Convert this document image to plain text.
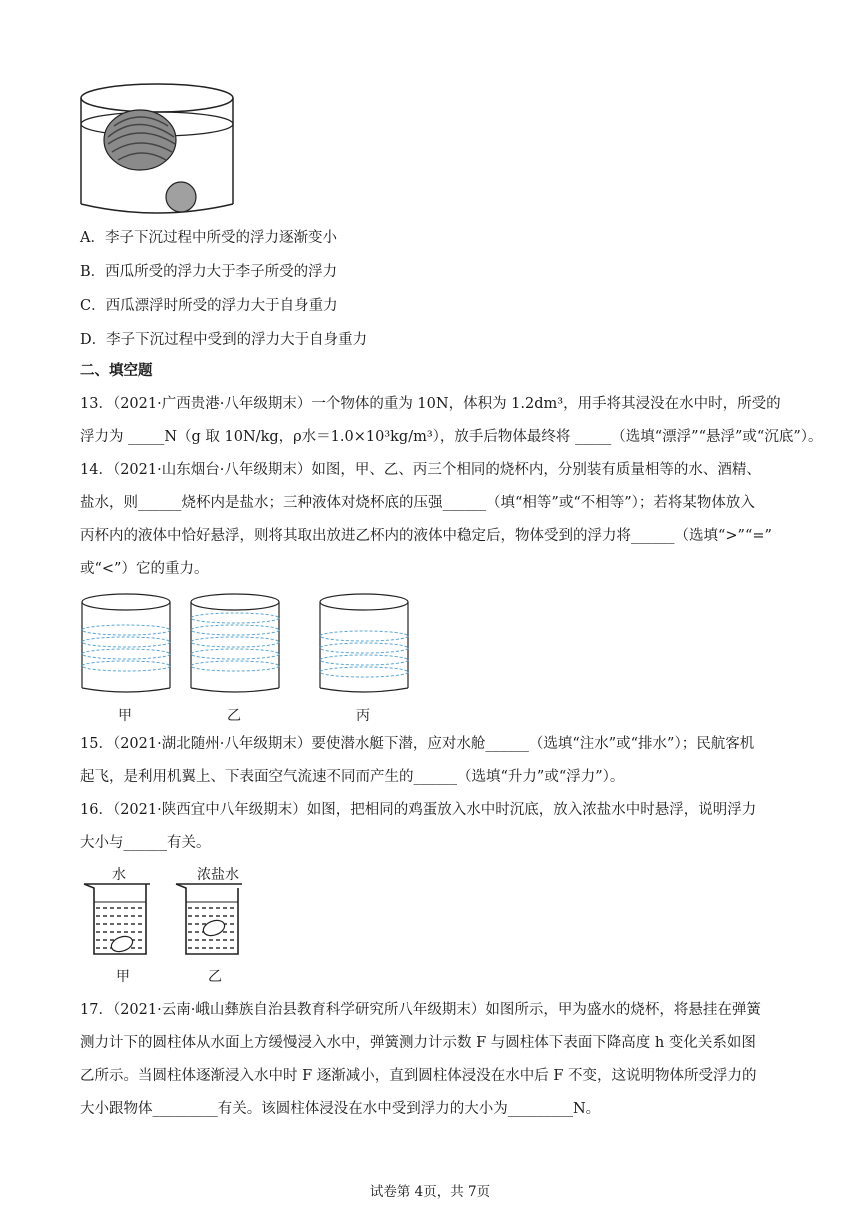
A．李子下沉过程中所受的浮力逐渐变小
B．西瓜所受的浮力大于李子所受的浮力
C．西瓜漂浮时所受的浮力大于自身重力
D．李子下沉过程中受到的浮力大于自身重力
二、填空题
13．（2021·广西贵港·八年级期末）一个物体的重为 10N，体积为 1.2dm³，用手将其浸没在水中时，所受的
浮力为 _____N（g 取 10N/kg，ρ水＝1.0×10³kg/m³），放手后物体最终将 _____（选填“漂浮”“悬浮”或“沉底”）。
14．（2021·山东烟台·八年级期末）如图，甲、乙、丙三个相同的烧杯内，分别装有质量相等的水、酒精、
盐水，则______烧杯内是盐水；三种液体对烧杯底的压强______（填“相等”或“不相等”）；若将某物体放入
丙杯内的液体中恰好悬浮，则将其取出放进乙杯内的液体中稳定后，物体受到的浮力将______（选填“>”“=”
或“<”）它的重力。
甲	乙	丙
15．（2021·湖北随州·八年级期末）要使潜水艇下潜，应对水舱______（选填“注水”或“排水”）；民航客机
起飞，是利用机翼上、下表面空气流速不同而产生的______（选填“升力”或“浮力”）。
16．（2021·陕西宜中八年级期末）如图，把相同的鸡蛋放入水中时沉底，放入浓盐水中时悬浮，说明浮力
大小与______有关。
水	浓盐水
甲	乙
17．（2021·云南·峨山彝族自治县教育科学研究所八年级期末）如图所示，甲为盛水的烧杯，将悬挂在弹簧
测力计下的圆柱体从水面上方缓慢浸入水中，弹簧测力计示数 F 与圆柱体下表面下降高度 h 变化关系如图
乙所示。当圆柱体逐渐浸入水中时 F 逐渐减小，直到圆柱体浸没在水中后 F 不变，这说明物体所受浮力的
大小跟物体_________有关。该圆柱体浸没在水中受到浮力的大小为_________N。
试卷第 4页，共 7页
